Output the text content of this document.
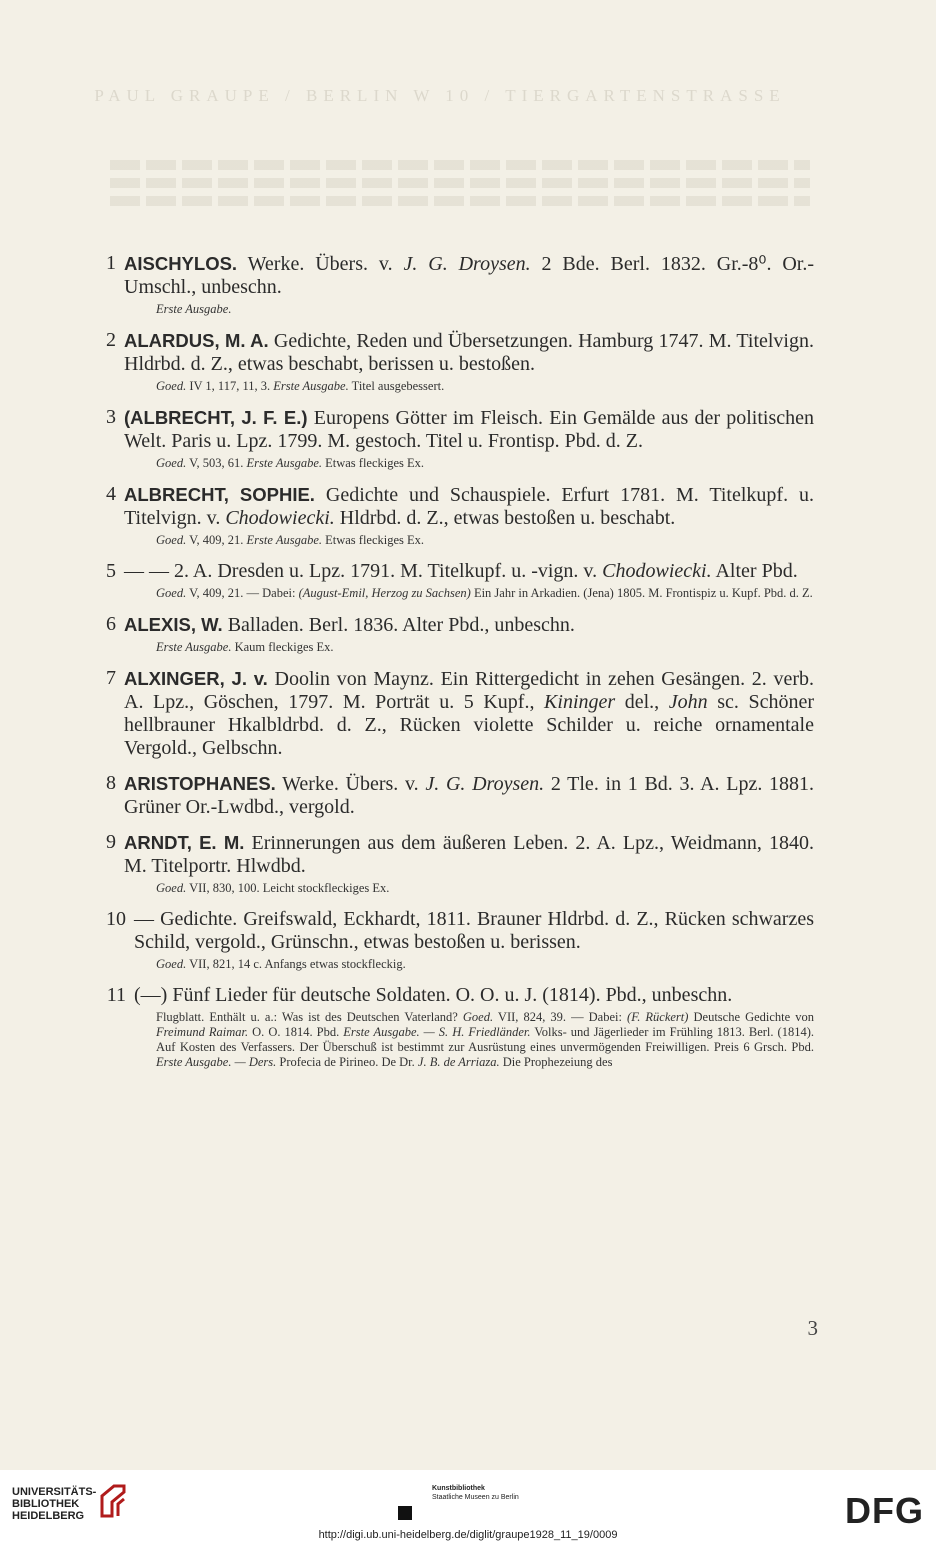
PAUL GRAUPE / BERLIN W 10 / TIERGARTENSTRASSE
1 AISCHYLOS. Werke. Übers. v. J. G. Droysen. 2 Bde. Berl. 1832. Gr.-8⁰. Or.-Umschl., unbeschn.
Erste Ausgabe.
2 ALARDUS, M. A. Gedichte, Reden und Übersetzungen. Hamburg 1747. M. Titelvign. Hldrbd. d. Z., etwas beschabt, berissen u. bestoßen.
Goed. IV 1, 117, 11, 3. Erste Ausgabe. Titel ausgebessert.
3 (ALBRECHT, J. F. E.) Europens Götter im Fleisch. Ein Gemälde aus der politischen Welt. Paris u. Lpz. 1799. M. gestoch. Titel u. Frontisp. Pbd. d. Z.
Goed. V, 503, 61. Erste Ausgabe. Etwas fleckiges Ex.
4 ALBRECHT, SOPHIE. Gedichte und Schauspiele. Erfurt 1781. M. Titelkupf. u. Titelvign. v. Chodowiecki. Hldrbd. d. Z., etwas bestoßen u. beschabt.
Goed. V, 409, 21. Erste Ausgabe. Etwas fleckiges Ex.
5 — — 2. A. Dresden u. Lpz. 1791. M. Titelkupf. u. -vign. v. Chodowiecki. Alter Pbd.
Goed. V, 409, 21. — Dabei: (August-Emil, Herzog zu Sachsen) Ein Jahr in Arkadien. (Jena) 1805. M. Frontispiz u. Kupf. Pbd. d. Z.
6 ALEXIS, W. Balladen. Berl. 1836. Alter Pbd., unbeschn.
Erste Ausgabe. Kaum fleckiges Ex.
7 ALXINGER, J. v. Doolin von Maynz. Ein Rittergedicht in zehen Gesängen. 2. verb. A. Lpz., Göschen, 1797. M. Porträt u. 5 Kupf., Kininger del., John sc. Schöner hellbrauner Hkalbldrbd. d. Z., Rücken violette Schilder u. reiche ornamentale Vergold., Gelbschn.
8 ARISTOPHANES. Werke. Übers. v. J. G. Droysen. 2 Tle. in 1 Bd. 3. A. Lpz. 1881. Grüner Or.-Lwdbd., vergold.
9 ARNDT, E. M. Erinnerungen aus dem äußeren Leben. 2. A. Lpz., Weidmann, 1840. M. Titelportr. Hlwdbd.
Goed. VII, 830, 100. Leicht stockfleckiges Ex.
10 — Gedichte. Greifswald, Eckhardt, 1811. Brauner Hldrbd. d. Z., Rücken schwarzes Schild, vergold., Grünschn., etwas bestoßen u. berissen.
Goed. VII, 821, 14 c. Anfangs etwas stockfleckig.
11 (—) Fünf Lieder für deutsche Soldaten. O. O. u. J. (1814). Pbd., unbeschn.
Flugblatt. Enthält u. a.: Was ist des Deutschen Vaterland? Goed. VII, 824, 39. — Dabei: (F. Rückert) Deutsche Gedichte von Freimund Raimar. O. O. 1814. Pbd. Erste Ausgabe. — S. H. Friedländer. Volks- und Jägerlieder im Frühling 1813. Berl. (1814). Auf Kosten des Verfassers. Der Überschuß ist bestimmt zur Ausrüstung eines unvermögenden Freiwilligen. Preis 6 Grsch. Pbd. Erste Ausgabe. — Ders. Profecia de Pirineo. De Dr. J. B. de Arriaza. Die Prophezeiung des
3
UNIVERSITÄTS-
BIBLIOTHEK
HEIDELBERG
Kunstbibliothek
Staatliche Museen zu Berlin	DFG
http://digi.ub.uni-heidelberg.de/diglit/graupe1928_11_19/0009
